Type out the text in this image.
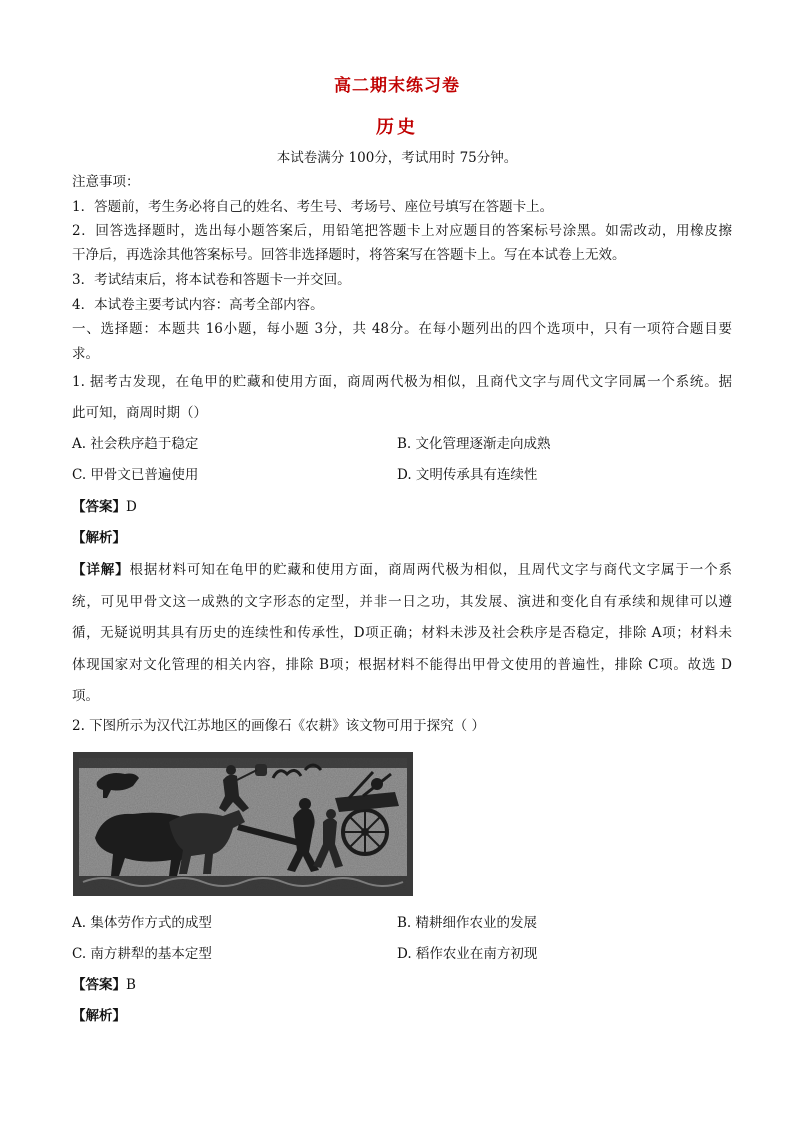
高二期末练习卷
历史
本试卷满分 100分，考试用时 75分钟。
注意事项：
1．答题前，考生务必将自己的姓名、考生号、考场号、座位号填写在答题卡上。
2．回答选择题时，选出每小题答案后，用铅笔把答题卡上对应题目的答案标号涂黑。如需改动，用橡皮擦
干净后，再选涂其他答案标号。回答非选择题时，将答案写在答题卡上。写在本试卷上无效。
3．考试结束后，将本试卷和答题卡一并交回。
4．本试卷主要考试内容：高考全部内容。
一、选择题：本题共 16小题，每小题 3分，共 48分。在每小题列出的四个选项中，只有一项符合题目要
求。
1. 据考古发现，在龟甲的贮藏和使用方面，商周两代极为相似，且商代文字与周代文字同属一个系统。据
此可知，商周时期（）
A. 社会秩序趋于稳定	B. 文化管理逐渐走向成熟
C. 甲骨文已普遍使用	D. 文明传承具有连续性
【答案】D
【解析】
【详解】根据材料可知在龟甲的贮藏和使用方面，商周两代极为相似，且周代文字与商代文字属于一个系
统，可见甲骨文这一成熟的文字形态的定型，并非一日之功，其发展、演进和变化自有承续和规律可以遵
循，无疑说明其具有历史的连续性和传承性，D项正确；材料未涉及社会秩序是否稳定，排除 A项；材料未
体现国家对文化管理的相关内容，排除 B项；根据材料不能得出甲骨文使用的普遍性，排除 C项。故选 D
项。
2. 下图所示为汉代江苏地区的画像石《农耕》该文物可用于探究（ ）
A. 集体劳作方式的成型	B. 精耕细作农业的发展
C. 南方耕犁的基本定型	D. 稻作农业在南方初现
【答案】B
【解析】
